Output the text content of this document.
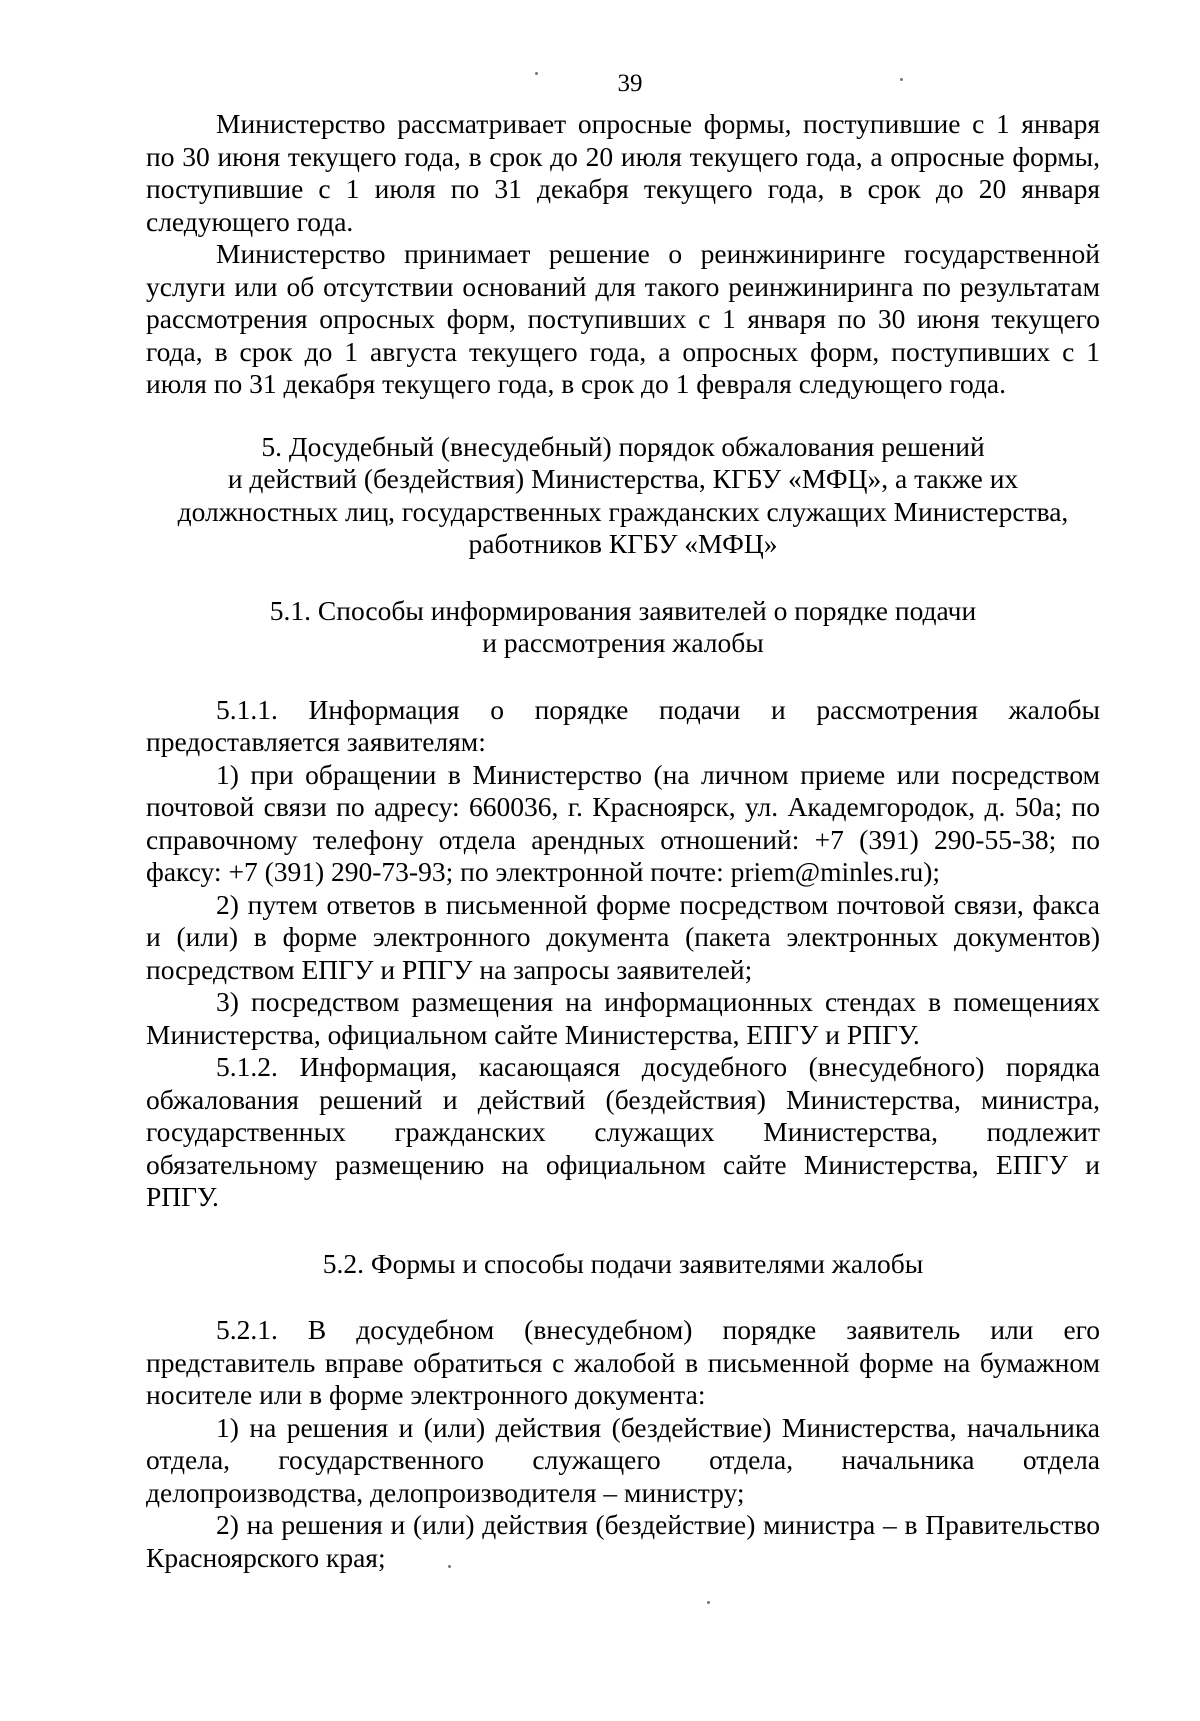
39

Министерство рассматривает опросные формы, поступившие с 1 января по 30 июня текущего года, в срок до 20 июля текущего года, а опросные формы, поступившие с 1 июля по 31 декабря текущего года, в срок до 20 января следующего года.

Министерство принимает решение о реинжиниринге государственной услуги или об отсутствии оснований для такого реинжиниринга по результатам рассмотрения опросных форм, поступивших с 1 января по 30 июня текущего года, в срок до 1 августа текущего года, а опросных форм, поступивших с 1 июля по 31 декабря текущего года, в срок до 1 февраля следующего года.

5. Досудебный (внесудебный) порядок обжалования решений
и действий (бездействия) Министерства, КГБУ «МФЦ», а также их
должностных лиц, государственных гражданских служащих Министерства,
работников КГБУ «МФЦ»
5.1. Способы информирования заявителей о порядке подачи
и рассмотрения жалобы

5.1.1. Информация о порядке подачи и рассмотрения жалобы предоставляется заявителям:

1) при обращении в Министерство (на личном приеме или посредством почтовой связи по адресу: 660036, г. Красноярск, ул. Академгородок, д. 50а; по справочному телефону отдела арендных отношений: +7 (391) 290-55-38; по факсу: +7 (391) 290-73-93; по электронной почте: priem@minles.ru);

2) путем ответов в письменной форме посредством почтовой связи, факса и (или) в форме электронного документа (пакета электронных документов) посредством ЕПГУ и РПГУ на запросы заявителей;

3) посредством размещения на информационных стендах в помещениях Министерства, официальном сайте Министерства, ЕПГУ и РПГУ.

5.1.2. Информация, касающаяся досудебного (внесудебного) порядка обжалования решений и действий (бездействия) Министерства, министра, государственных гражданских служащих Министерства, подлежит обязательному размещению на официальном сайте Министерства, ЕПГУ и РПГУ.

5.2. Формы и способы подачи заявителями жалобы

5.2.1. В досудебном (внесудебном) порядке заявитель или его представитель вправе обратиться с жалобой в письменной форме на бумажном носителе или в форме электронного документа:

1) на решения и (или) действия (бездействие) Министерства, начальника отдела, государственного служащего отдела, начальника отдела делопроизводства, делопроизводителя – министру;

2) на решения и (или) действия (бездействие) министра – в Правительство Красноярского края;
